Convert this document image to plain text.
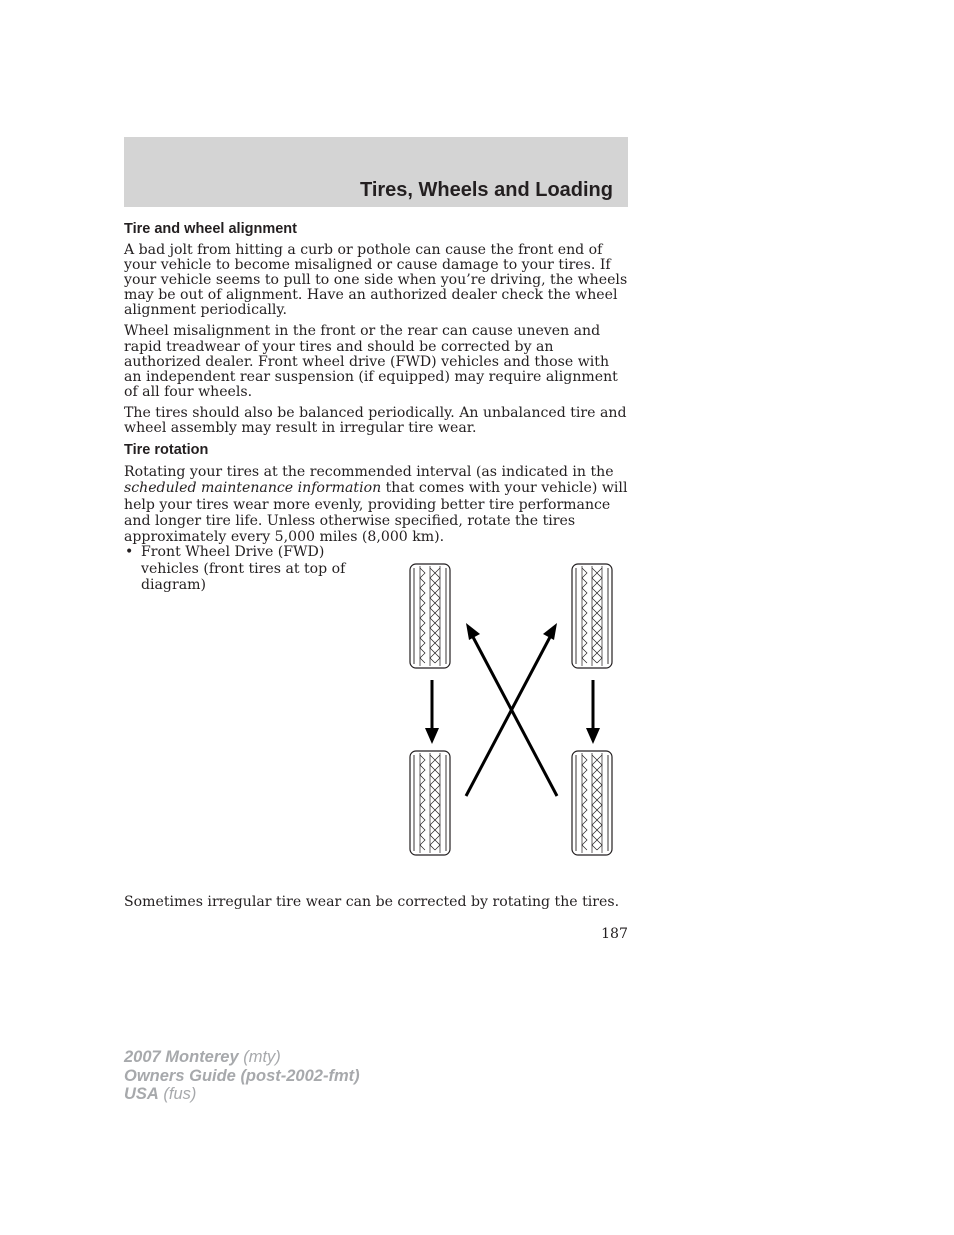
Tires, Wheels and Loading
Tire and wheel alignment

A bad jolt from hitting a curb or pothole can cause the front end of your vehicle to become misaligned or cause damage to your tires. If your vehicle seems to pull to one side when you’re driving, the wheels may be out of alignment. Have an authorized dealer check the wheel alignment periodically.

Wheel misalignment in the front or the rear can cause uneven and rapid treadwear of your tires and should be corrected by an authorized dealer. Front wheel drive (FWD) vehicles and those with an independent rear suspension (if equipped) may require alignment of all four wheels.

The tires should also be balanced periodically. An unbalanced tire and wheel assembly may result in irregular tire wear.

Tire rotation

Rotating your tires at the recommended interval (as indicated in the scheduled maintenance information that comes with your vehicle) will help your tires wear more evenly, providing better tire performance and longer tire life. Unless otherwise specified, rotate the tires approximately every 5,000 miles (8,000 km).

• Front Wheel Drive (FWD) vehicles (front tires at top of diagram)
Sometimes irregular tire wear can be corrected by rotating the tires.
187
2007 Monterey (mty)
Owners Guide (post-2002-fmt)
USA (fus)
